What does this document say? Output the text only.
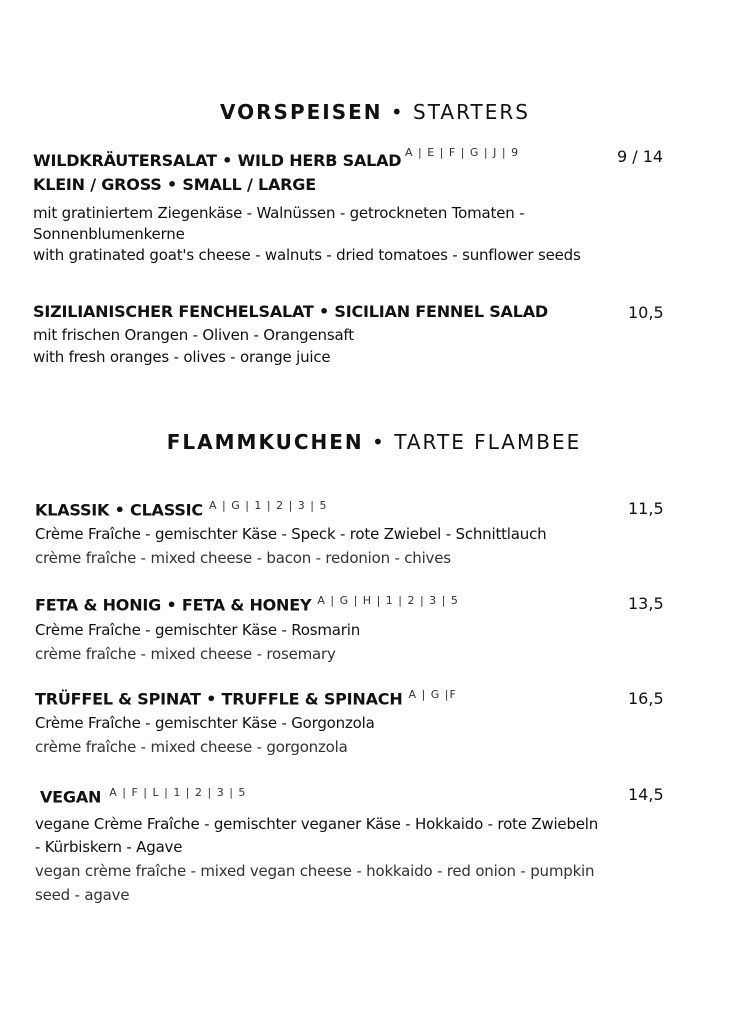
VORSPEISEN • STARTERS
WILDKRÄUTERSALAT • WILD HERB SALAD A | E | F | G | J | 9	9 / 14
KLEIN / GROSS • SMALL / LARGE
mit gratiniertem Ziegenkäse - Walnüssen - getrockneten Tomaten - Sonnenblumenkerne
with gratinated goat's cheese - walnuts - dried tomatoes - sunflower seeds
SIZILIANISCHER FENCHELSALAT • SICILIAN FENNEL SALAD	10,5
mit frischen Orangen - Oliven - Orangensaft
with fresh oranges - olives - orange juice
FLAMMKUCHEN • TARTE FLAMBEE
KLASSIK • CLASSIC $^{A | G | 1 | 2 | 3 | 5}$	11,5
Crème Fraîche - gemischter Käse - Speck - rote Zwiebel - Schnittlauch
crème fraîche - mixed cheese - bacon - redonion - chives
FETA & HONIG • FETA & HONEY $^{A | G | H | 1 | 2 | 3 | 5}$	13,5
Crème Fraîche - gemischter Käse - Rosmarin
crème fraîche - mixed cheese - rosemary
TRÜFFEL & SPINAT • TRUFFLE & SPINACH $^{A | G |F}$	16,5
Crème Fraîche - gemischter Käse - Gorgonzola
crème fraîche - mixed cheese - gorgonzola
VEGAN $^{A | F | L | 1 | 2 | 3 | 5}$	14,5
vegane Crème Fraîche - gemischter veganer Käse - Hokkaido - rote Zwiebeln - Kürbiskern - Agave
vegan crème fraîche - mixed vegan cheese - hokkaido - red onion - pumpkin seed - agave
